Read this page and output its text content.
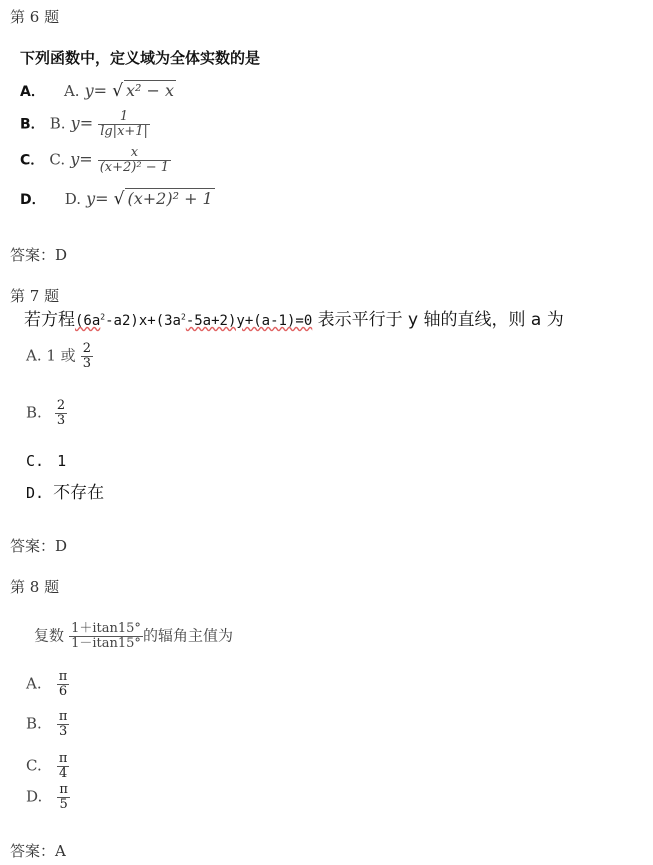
第 6 题
下列函数中，定义域为全体实数的是
A． A. y= √ x² − x
B． B. $y= \frac{1}{\lg|x+1|}$
C． C. $y= \frac{x}{\text{(x+2)² − 1}}$
D． D. y= √ (x+2)² + 1
答案：D
第 7 题
若方程$(6a^2-a2)x+(3a^2-5a+2)y+(a-1)=0$ 表示平行于 y 轴的直线，则 a 为
A. 1 或 $\frac{2}{3}$
B. $\frac{2}{3}$
C. 1
D. 不存在
答案：D
第 8 题
复数 $\frac{1+itan15^\circ}{1-itan15^\circ}$ 的辐角主值为
A. $\frac{\pi}{6}$
B. $\frac{\pi}{3}$
C. $\frac{\pi}{4}$
D. $\frac{\pi}{5}$
答案：A
